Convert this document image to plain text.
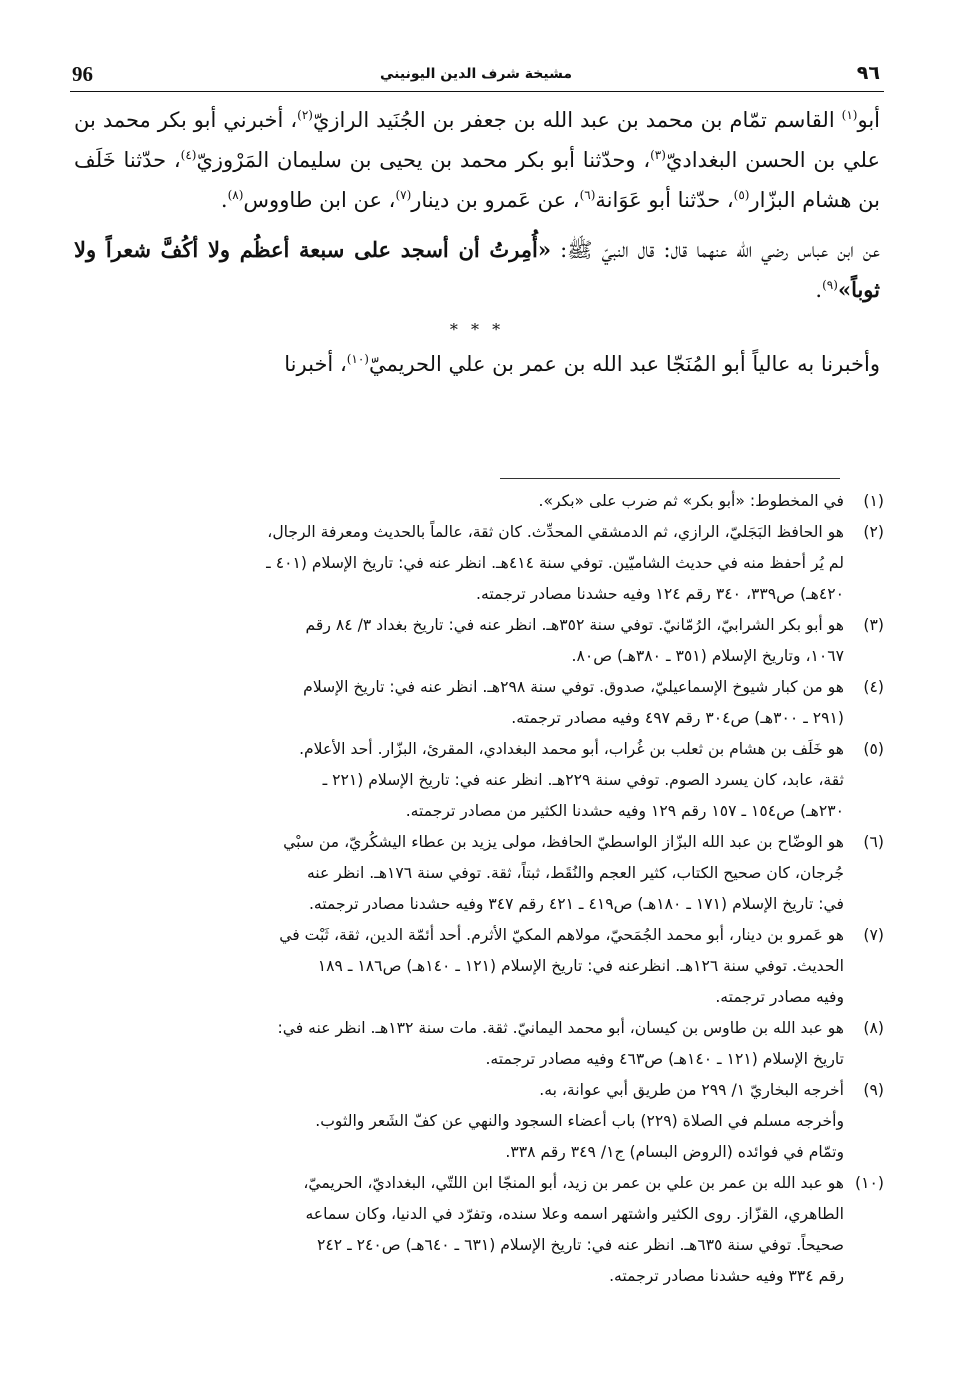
96	مشيخة شرف الدين اليونيني	٩٦

أبو$^{(١)}$ القاسم تمّام بن محمد بن عبد الله بن جعفر بن الجُنَيد الرازيّ$^{(٢)}$، أخبرني أبو بكر محمد بن علي بن الحسن البغداديّ$^{(٣)}$، وحدّثنا أبو بكر محمد بن يحيى بن سليمان المَرْوزيّ$^{(٤)}$، حدّثنا خَلَف بن هشام البزّار$^{(٥)}$، حدّثنا أبو عَوَانة$^{(٦)}$، عن عَمرو بن دينار$^{(٧)}$، عن ابن طاووس$^{(٨)}$.

عن ابن عباس رضي الله عنهما قال: قال النبيّ ﷺ: «أُمِرتُ أن أسجد على سبعة أعظُم ولا أكُفَّ شعراً ولا ثوباً»$^{(٩)}$.

* * *

وأخبرنا به عالياً أبو المُنَجّا عبد الله بن عمر بن علي الحريميّ$^{(١٠)}$، أخبرنا

(١)
في المخطوط: «أبو بكر» ثم ضرب على «بكر».

(٢)
هو الحافظ البَجَليّ، الرازي، ثم الدمشقي المحدِّث. كان ثقة، عالماً بالحديث ومعرفة الرجال،
لم يُر أحفظ منه في حديث الشاميّين. توفي سنة ٤١٤هـ. انظر عنه في: تاريخ الإسلام (٤٠١ ـ
٤٢٠هـ) ص٣٣٩، ٣٤٠ رقم ١٢٤ وفيه حشدنا مصادر ترجمته.

(٣)
هو أبو بكر الشرابيّ، الرُمّانيّ. توفي سنة ٣٥٢هـ. انظر عنه في: تاريخ بغداد ٣/ ٨٤ رقم
١٠٦٧، وتاريخ الإسلام (٣٥١ ـ ٣٨٠هـ) ص٨٠.

(٤)
هو من كبار شيوخ الإسماعيليّ، صدوق. توفي سنة ٢٩٨هـ. انظر عنه في: تاريخ الإسلام
(٢٩١ ـ ٣٠٠هـ) ص٣٠٤ رقم ٤٩٧ وفيه مصادر ترجمته.

(٥)
هو خَلَف بن هشام بن ثعلب بن غُراب، أبو محمد البغدادي، المقرئ، البزّار. أحد الأعلام.
ثقة، عابد، كان يسرد الصوم. توفي سنة ٢٢٩هـ. انظر عنه في: تاريخ الإسلام (٢٢١ ـ
٢٣٠هـ) ص١٥٤ ـ ١٥٧ رقم ١٢٩ وفيه حشدنا الكثير من مصادر ترجمته.

(٦)
هو الوضّاح بن عبد الله البزّاز الواسطيّ الحافظ، مولى يزيد بن عطاء اليشكُريّ، من سبْي
جُرجان، كان صحيح الكتاب، كثير العجم والنُقَط، ثبتاً، ثقة. توفي سنة ١٧٦هـ. انظر عنه
في: تاريخ الإسلام (١٧١ ـ ١٨٠هـ) ص٤١٩ ـ ٤٢١ رقم ٣٤٧ وفيه حشدنا مصادر ترجمته.

(٧)
هو عَمرو بن دينار، أبو محمد الجُمَحيّ، مولاهم المكيّ الأثرم. أحد أئمّة الدين، ثقة، ثَبْت في
الحديث. توفي سنة ١٢٦هـ. انظرعنه في: تاريخ الإسلام (١٢١ ـ ١٤٠هـ) ص١٨٦ ـ ١٨٩
وفيه مصادر ترجمته.

(٨)
هو عبد الله بن طاوس بن كيسان، أبو محمد اليمانيّ. ثقة. مات سنة ١٣٢هـ. انظر عنه في:
تاريخ الإسلام (١٢١ ـ ١٤٠هـ) ص٤٦٣ وفيه مصادر ترجمته.

(٩)
أخرجه البخاريّ ١/ ٢٩٩ من طريق أبي عوانة، به.
وأخرجه مسلم في الصلاة (٢٢٩) باب أعضاء السجود والنهي عن كفّ الشَعر والثوب.
وتمّام في فوائده (الروض البسام) ج١/ ٣٤٩ رقم ٣٣٨.

(١٠)
هو عبد الله بن عمر بن علي بن عمر بن زيد، أبو المنجّا ابن اللتّي، البغداديّ، الحريميّ،
الطاهري، القزّاز. روى الكثير واشتهر اسمه وعلا سنده، وتفرّد في الدنيا، وكان سماعه
صحيحاً. توفي سنة ٦٣٥هـ. انظر عنه في: تاريخ الإسلام (٦٣١ ـ ٦٤٠هـ) ص٢٤٠ ـ ٢٤٢
رقم ٣٣٤ وفيه حشدنا مصادر ترجمته.
